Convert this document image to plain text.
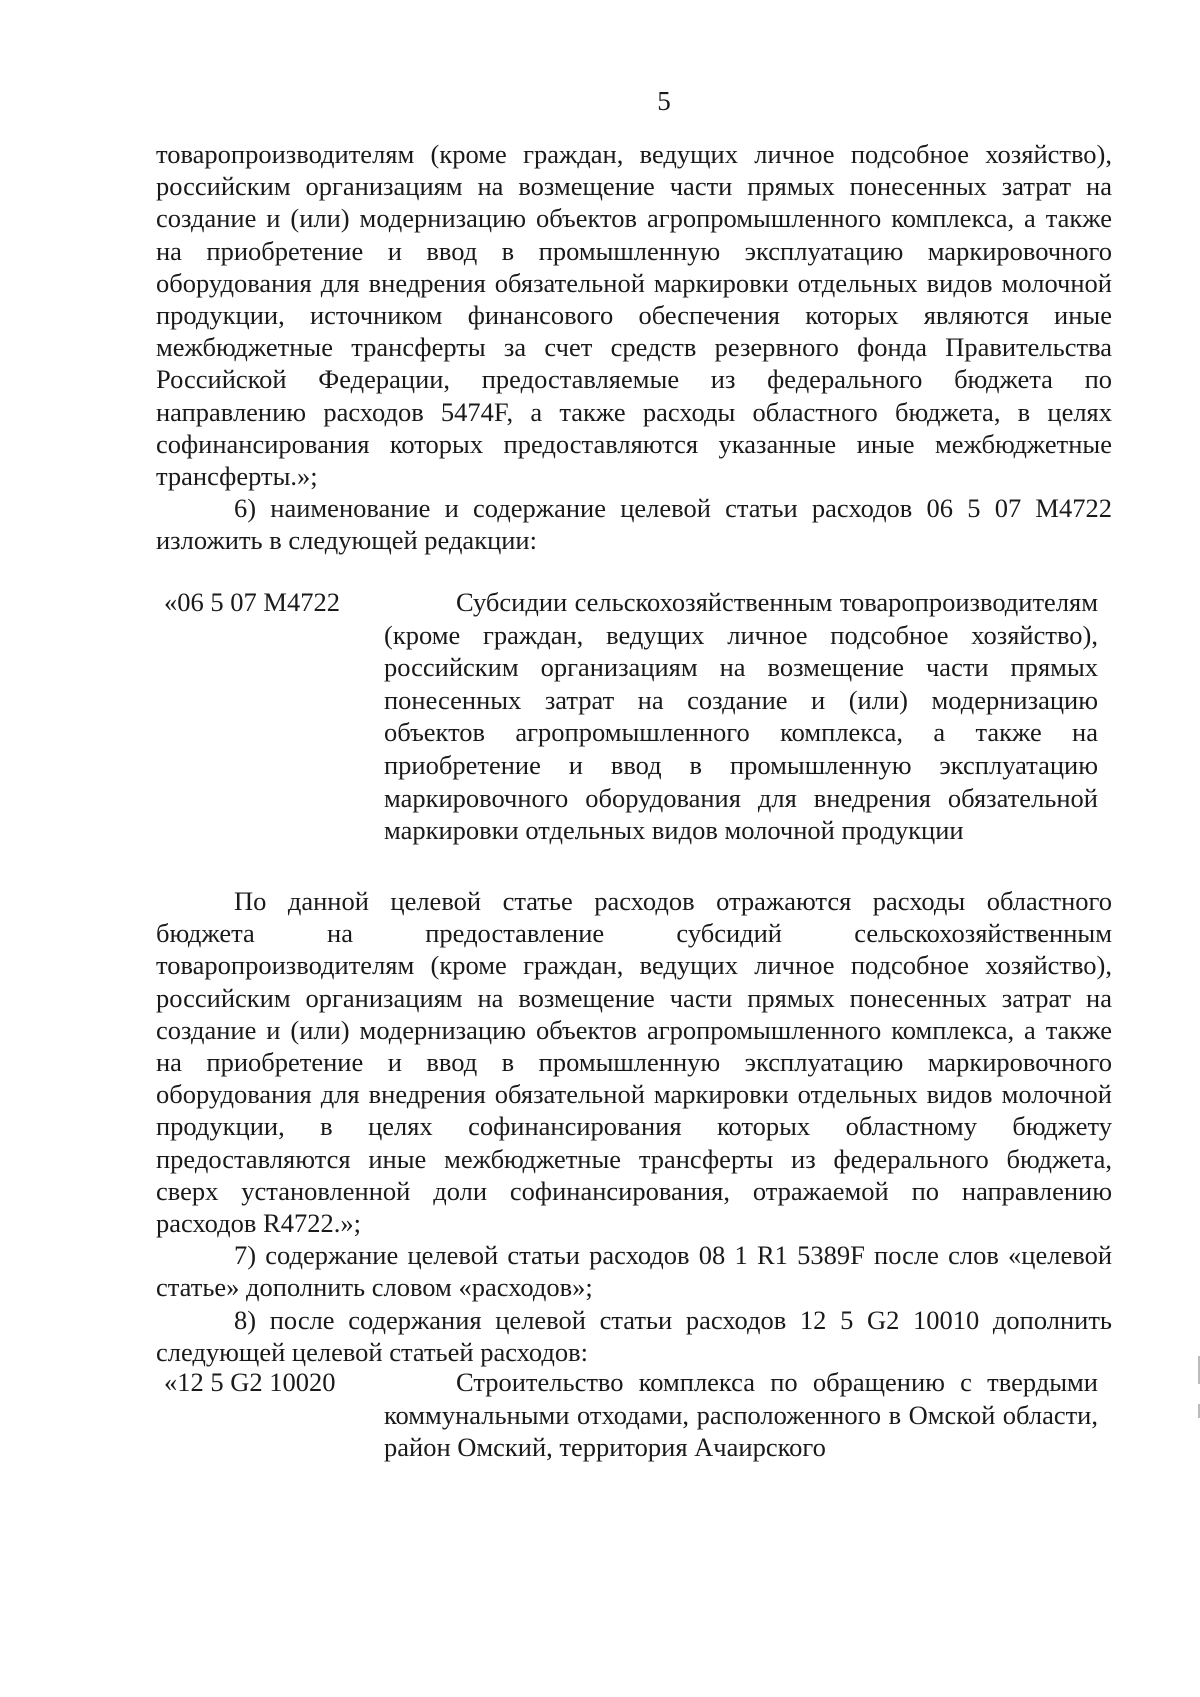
5

товаропроизводителям (кроме граждан, ведущих личное подсобное хозяйство), российским организациям на возмещение части прямых понесенных затрат на создание и (или) модернизацию объектов агропромышленного комплекса, а также на приобретение и ввод в промышленную эксплуатацию маркировочного оборудования для внедрения обязательной маркировки отдельных видов молочной продукции, источником финансового обеспечения которых являются иные межбюджетные трансферты за счет средств резервного фонда Правительства Российской Федерации, предоставляемые из федерального бюджета по направлению расходов 5474F, а также расходы областного бюджета, в целях софинансирования которых предоставляются указанные иные межбюджетные трансферты.»;

6) наименование и содержание целевой статьи расходов 06 5 07 М4722 изложить в следующей редакции:

«06 5 07 М4722	Субсидии сельскохозяйственным товаропроизводителям (кроме граждан, ведущих личное подсобное хозяйство), российским организациям на возмещение части прямых понесенных затрат на создание и (или) модернизацию объектов агропромышленного комплекса, а также на приобретение и ввод в промышленную эксплуатацию маркировочного оборудования для внедрения обязательной маркировки отдельных видов молочной продукции

По данной целевой статье расходов отражаются расходы областного бюджета на предоставление субсидий сельскохозяйственным товаропроизводителям (кроме граждан, ведущих личное подсобное хозяйство), российским организациям на возмещение части прямых понесенных затрат на создание и (или) модернизацию объектов агропромышленного комплекса, а также на приобретение и ввод в промышленную эксплуатацию маркировочного оборудования для внедрения обязательной маркировки отдельных видов молочной продукции, в целях софинансирования которых областному бюджету предоставляются иные межбюджетные трансферты из федерального бюджета, сверх установленной доли софинансирования, отражаемой по направлению расходов R4722.»;

7) содержание целевой статьи расходов 08 1 R1 5389F после слов «целевой статье» дополнить словом «расходов»;

8) после содержания целевой статьи расходов 12 5 G2 10010 дополнить следующей целевой статьей расходов:

«12 5 G2 10020	Строительство комплекса по обращению с твердыми коммунальными отходами, расположенного в Омской области, район Омский, территория Ачаирского
